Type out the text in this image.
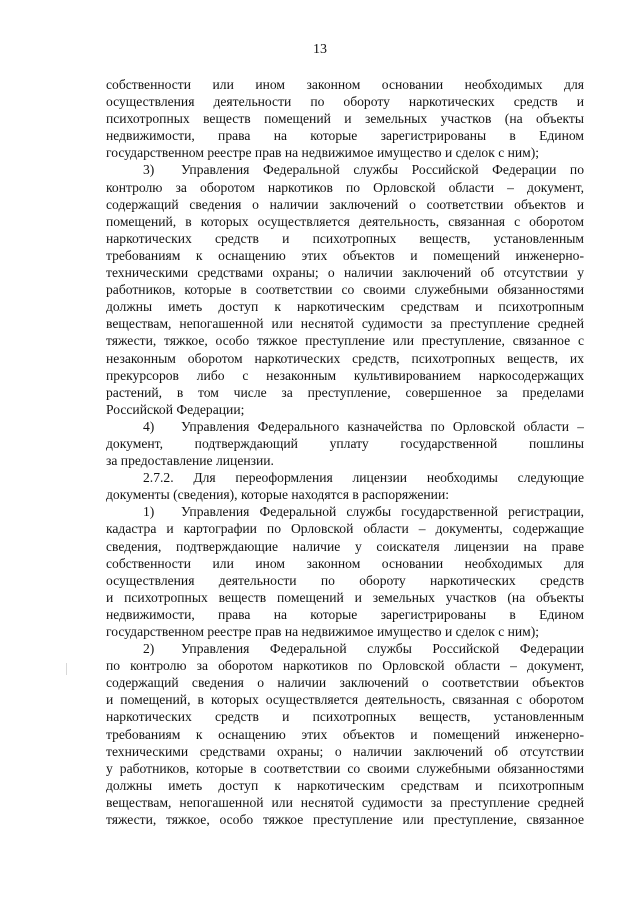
13
собственности или ином законном основании необходимых для
осуществления деятельности по обороту наркотических средств и
психотропных веществ помещений и земельных участков (на объекты
недвижимости, права на которые зарегистрированы в Едином
государственном реестре прав на недвижимое имущество и сделок с ним);
3) Управления Федеральной службы Российской Федерации по
контролю за оборотом наркотиков по Орловской области – документ,
содержащий сведения о наличии заключений о соответствии объектов и
помещений, в которых осуществляется деятельность, связанная с оборотом
наркотических средств и психотропных веществ, установленным
требованиям к оснащению этих объектов и помещений инженерно-
техническими средствами охраны; о наличии заключений об отсутствии у
работников, которые в соответствии со своими служебными обязанностями
должны иметь доступ к наркотическим средствам и психотропным
веществам, непогашенной или неснятой судимости за преступление средней
тяжести, тяжкое, особо тяжкое преступление или преступление, связанное с
незаконным оборотом наркотических средств, психотропных веществ, их
прекурсоров либо с незаконным культивированием наркосодержащих
растений, в том числе за преступление, совершенное за пределами
Российской Федерации;
4) Управления Федерального казначейства по Орловской области –
документ, подтверждающий уплату государственной пошлины
за предоставление лицензии.
2.7.2. Для переоформления лицензии необходимы следующие
документы (сведения), которые находятся в распоряжении:
1) Управления Федеральной службы государственной регистрации,
кадастра и картографии по Орловской области – документы, содержащие
сведения, подтверждающие наличие у соискателя лицензии на праве
собственности или ином законном основании необходимых для
осуществления деятельности по обороту наркотических средств
и психотропных веществ помещений и земельных участков (на объекты
недвижимости, права на которые зарегистрированы в Едином
государственном реестре прав на недвижимое имущество и сделок с ним);
2) Управления Федеральной службы Российской Федерации
по контролю за оборотом наркотиков по Орловской области – документ,
содержащий сведения о наличии заключений о соответствии объектов
и помещений, в которых осуществляется деятельность, связанная с оборотом
наркотических средств и психотропных веществ, установленным
требованиям к оснащению этих объектов и помещений инженерно-
техническими средствами охраны; о наличии заключений об отсутствии
у работников, которые в соответствии со своими служебными обязанностями
должны иметь доступ к наркотическим средствам и психотропным
веществам, непогашенной или неснятой судимости за преступление средней
тяжести, тяжкое, особо тяжкое преступление или преступление, связанное
